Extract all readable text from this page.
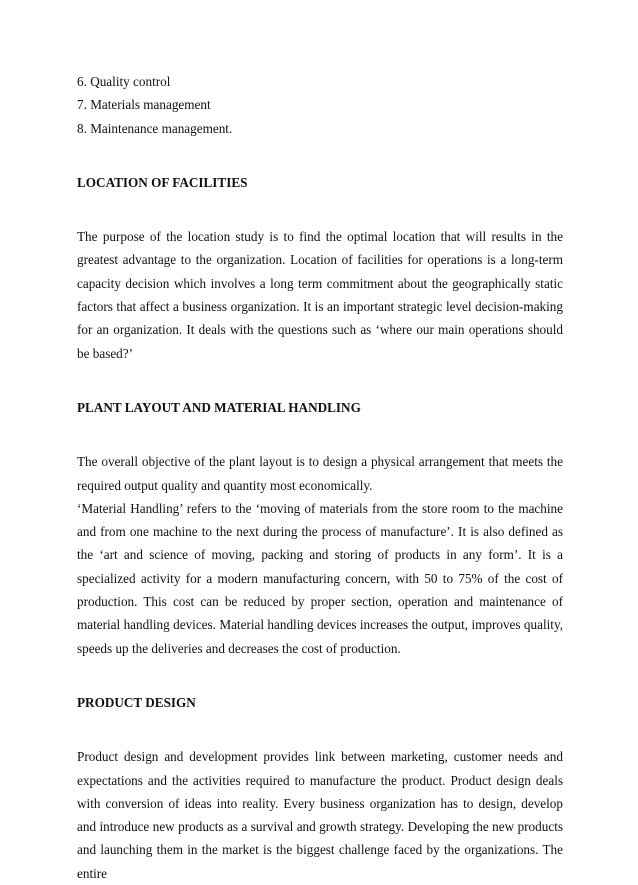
6. Quality control

7. Materials management

8. Maintenance management.

LOCATION OF FACILITIES

The purpose of the location study is to find the optimal location that will results in the greatest advantage to the organization. Location of facilities for operations is a long-term capacity decision which involves a long term commitment about the geographically static factors that affect a business organization. It is an important strategic level decision-making for an organization. It deals with the questions such as ‘where our main operations should be based?’

PLANT LAYOUT AND MATERIAL HANDLING

The overall objective of the plant layout is to design a physical arrangement that meets the required output quality and quantity most economically.

‘Material Handling’ refers to the ‘moving of materials from the store room to the machine and from one machine to the next during the process of manufacture’. It is also defined as the ‘art and science of moving, packing and storing of products in any form’. It is a specialized activity for a modern manufacturing concern, with 50 to 75% of the cost of production. This cost can be reduced by proper section, operation and maintenance of material handling devices. Material handling devices increases the output, improves quality, speeds up the deliveries and decreases the cost of production.

PRODUCT DESIGN

Product design and development provides link between marketing, customer needs and expectations and the activities required to manufacture the product. Product design deals with conversion of ideas into reality. Every business organization has to design, develop and introduce new products as a survival and growth strategy. Developing the new products and launching them in the market is the biggest challenge faced by the organizations. The entire
